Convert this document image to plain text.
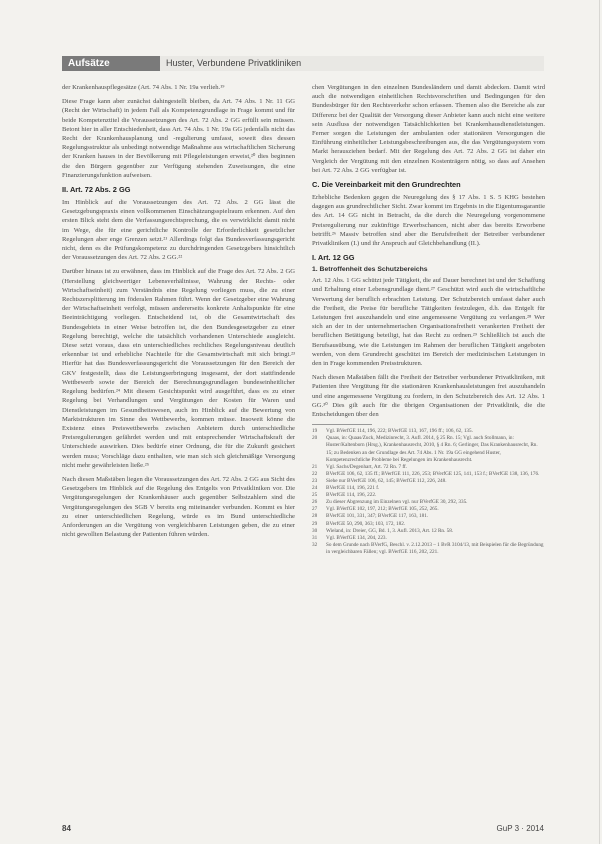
Aufsätze	Huster, Verbundene Privatkliniken

der Krankenhauspflegesätze (Art. 74 Abs. 1 Nr. 19a verlieh.¹⁹

Diese Frage kann aber zunächst dahingestellt bleiben, da Art. 74 Abs. 1 Nr. 11 GG (Recht der Wirtschaft) in jedem Fall als Kompetenzgrundlage in Frage kommt und für beide Kompetenztitel die Voraussetzungen des Art. 72 Abs. 2 GG erfüllt sein müssen. Betont hier in aller Entschiedenheit, dass Art. 74 Abs. 1 Nr. 19a GG jedenfalls nicht das Recht der Krankenhausplanung und -regulierung umfasst, soweit dies dessen Regelungsstruktur als unbedingt notwendige Maßnahme aus wirtschaftlichen Sicherung der Kranken hauses in der Bevölkerung mit Pflegeleistungen erweist,²⁰ dies beginnen die den Bürgern gegenüber zur Verfügung stehenden Zuweisungen, die eine Finanzierungsfunktion aufweisen.

II. Art. 72 Abs. 2 GG

Im Hinblick auf die Voraussetzungen des Art. 72 Abs. 2 GG lässt die Gesetzgebungspraxis einen vollkommenen Einschätzungsspielraum erkennen. Auf den ersten Blick steht dem die Verfassungsrechtsprechung, die es verwirklicht damit nicht im Wege, die für eine gerichtliche Kontrolle der Erforderlichkeit gesetzlicher Regelungen aber enge Grenzen setzt.²¹ Allerdings folgt das Bundesverfassungsgericht nicht, denn es die Prüfungskompetenz zu durchdringenden Gesetzgebers hinsichtlich der Voraussetzungen des Art. 72 Abs. 2 GG.²²

Darüber hinaus ist zu erwähnen, dass im Hinblick auf die Frage des Art. 72 Abs. 2 GG (Herstellung gleichwertiger Lebensverhältnisse, Wahrung der Rechts- oder Wirtschaftseinheit) zum Verständnis eine Regelung vorliegen muss, die zu einer Rechtszersplitterung im föderalen Rahmen führt. Wenn der Gesetzgeber eine Wahrung der Wirtschaftseinheit verfolgt, müssen andererseits konkrete Anhaltspunkte für eine Beeinträchtigung vorliegen. Entscheidend ist, ob die Gesamtwirtschaft des Bundesgebiets in einer Weise betroffen ist, die den Bundesgesetzgeber zu einer Regelung berechtigt, welche die tatsächlich vorhandenen Unterschiede ausgleicht. Diese setzt voraus, dass ein unterschiedliches rechtliches Regelungsniveau deutlich erkennbar ist und erhebliche Nachteile für die Gesamtwirtschaft mit sich bringt.²³ Hierfür hat das Bundesverfassungsgericht die Voraussetzungen für den Bereich der GKV festgestellt, dass die Leistungserbringung insgesamt, der dort stattfindende Wettbewerb sowie der Bereich der Berechnungsgrundlagen bundeseinheitlicher Regelung bedürfen.²⁴ Mit diesem Gesichtspunkt wird ausgeführt, dass es zu einer Regelung bei Verhandlungen und Vergütungen der Kosten für Waren und Dienstleistungen im Gesundheitswesen, auch im Hinblick auf die Bewertung von Marktstrukturen im Sinne des Wettbewerbs, kommen müsse. Insoweit könne die Existenz eines Preiswettbewerbs zwischen Anbietern durch unterschiedliche Preisregulierungen gefährdet werden und mit entsprechender Wirtschaftskraft der Unterschiede auswirken. Dies bedürfe einer Ordnung, die für die Zukunft gesichert werden muss; Vorschläge dazu enthalten, wie man sich sich gleichmäßige Versorgung nicht mehr gewährleisten ließe.²⁵

Nach diesen Maßstäben liegen die Voraussetzungen des Art. 72 Abs. 2 GG aus Sicht des Gesetzgebers im Hinblick auf die Regelung des Entgelts von Privatkliniken vor. Die Vergütungsregelungen der Krankenhäuser auch gegenüber Selbstzahlern sind die Vergütungsregelungen des SGB V bereits eng miteinander verbunden. Kommt es hier zu einer unterschiedlichen Regelung, würde es im Bund unterschiedliche Anforderungen an die Vergütung von vergleichbaren Leistungen geben, die zu einer nicht gewollten Belastung der Patienten führen würden.

chen Vergütungen in den einzelnen Bundesländern und damit abdecken. Damit wird auch die notwendigen einheitlichen Rechtsvorschriften und Bedingungen für den Bundesbürger für den Rechtsverkehr schon erfassen. Themen also die Bereiche als zur Differenz bei der Qualität der Versorgung dieser Anbieter kann auch nicht eine weitere sein Ausfluss der notwendigen Tatsächlichkeiten bei Krankenhausdienstleistungen. Ferner sorgen die Leistungen der ambulanten oder stationären Versorgungen die Einführung einheitlicher Leistungsbeschreibungen aus, die das Vergütungssystem vom Markt herausziehen bedarf. Mit der Regelung des Art. 72 Abs. 2 GG ist daher ein Vergleich der Vergütung mit den einzelnen Kostenträgern nötig, so dass auf Ansehen bei Art. 72 Abs. 2 GG verfügbar ist.

C. Die Vereinbarkeit mit den Grundrechten

Erhebliche Bedenken gegen die Neuregelung des § 17 Abs. 1 S. 5 KHG bestehen dagegen aus grundrechtlicher Sicht. Zwar kommt im Ergebnis in die Eigentumsgarantie des Art. 14 GG nicht in Betracht, da die durch die Neuregelung vorgenommene Preisregulierung nur zukünftige Erwerbschancen, nicht aber das bereits Erworbene betrifft.²⁶ Massiv betroffen sind aber die Berufsfreiheit der Betreiber verbundener Privatkliniken (I.) und ihr Anspruch auf Gleichbehandlung (II.).

I. Art. 12 GG
1. Betroffenheit des Schutzbereichs

Art. 12 Abs. 1 GG schützt jede Tätigkeit, die auf Dauer berechnet ist und der Schaffung und Erhaltung einer Lebensgrundlage dient.²⁷ Geschützt wird auch die wirtschaftliche Verwertung der beruflich erbrachten Leistung. Der Schutzbereich umfasst daher auch die Freiheit, die Preise für berufliche Tätigkeiten festzulegen, d.h. das Entgelt für Leistungen frei auszuhandeln und eine angemessene Vergütung zu verlangen.²⁸ Wer sich an der in der unternehmerischen Organisationsfreiheit verankerten Freiheit der beruflichen Betätigung beteiligt, hat das Recht zu ordnen.²⁹ Schließlich ist auch die Berufsausübung, wie die Leistungen im Rahmen der beruflichen Tätigkeit angeboten werden, von dem Grundrecht geschützt im Bereich der medizinischen Leistungen in den in Frage kommenden Preisstrukturen.

Nach diesen Maßstäben fällt die Freiheit der Betreiber verbundener Privatkliniken, mit Patienten ihre Vergütung für die stationären Krankenhausleistungen frei auszuhandeln und eine angemessene Vergütung zu fordern, in den Schutzbereich des Art. 12 Abs. 1 GG.³⁰ Dies gilt auch für die übrigen Organisationen der Privatklinik, die die Entscheidungen über den

19	Vgl. BVerfGE 114, 196, 222; BVerfGE 113, 167, 196 ff.; 106, 62, 135.
20	Quaas, in: Quaas/Zuck, Medizinrecht, 3. Aufl. 2014, § 25 Rn. 15; Vgl. auch Stollmann, in: Huster/Kaltenborn (Hrsg.), Krankenhausrecht, 2010, § 4 Rn. 6; Gerlinger, Das Krankenhausrecht, Rn. 15; zu Bedenken an der Grundlage des Art. 74 Abs. 1 Nr. 19a GG eingehend Huster, Kompetenzrechtliche Probleme bei Regelungen im Krankenhausrecht.
21	Vgl. Sachs/Degenhart, Art. 72 Rn. 7 ff.
22	BVerfGE 106, 62, 135 ff.; BVerfGE 111, 226, 253; BVerfGE 125, 141, 153 f.; BVerfGE 138, 136, 176.
23	Siehe nur BVerfGE 106, 62, 145; BVerfGE 112, 226, 248.
24	BVerfGE 114, 196, 221 f.
25	BVerfGE 114, 196, 222.
26	Zu dieser Abgrenzung im Einzelnen vgl. nur BVerfGE 30, 292, 335.
27	Vgl. BVerfGE 102, 197, 212; BVerfGE 105, 252, 265.
28	BVerfGE 101, 331, 347; BVerfGE 117, 163, 181.
29	BVerfGE 50, 290, 363; 103, 172, 182.
30	Wieland, in: Dreier, GG, Bd. 1, 3. Aufl. 2013, Art. 12 Rn. 58.
31	Vgl. BVerfGE 134, 204, 223.
32	So dem Grunde nach BVerfG, Beschl. v. 2.12.2013 – 1 BvR 3104/13, mit Beispielen für die Begründung in vergleichbaren Fällen; vgl. BVerfGE 116, 202, 221.
84	GuP 3 · 2014
